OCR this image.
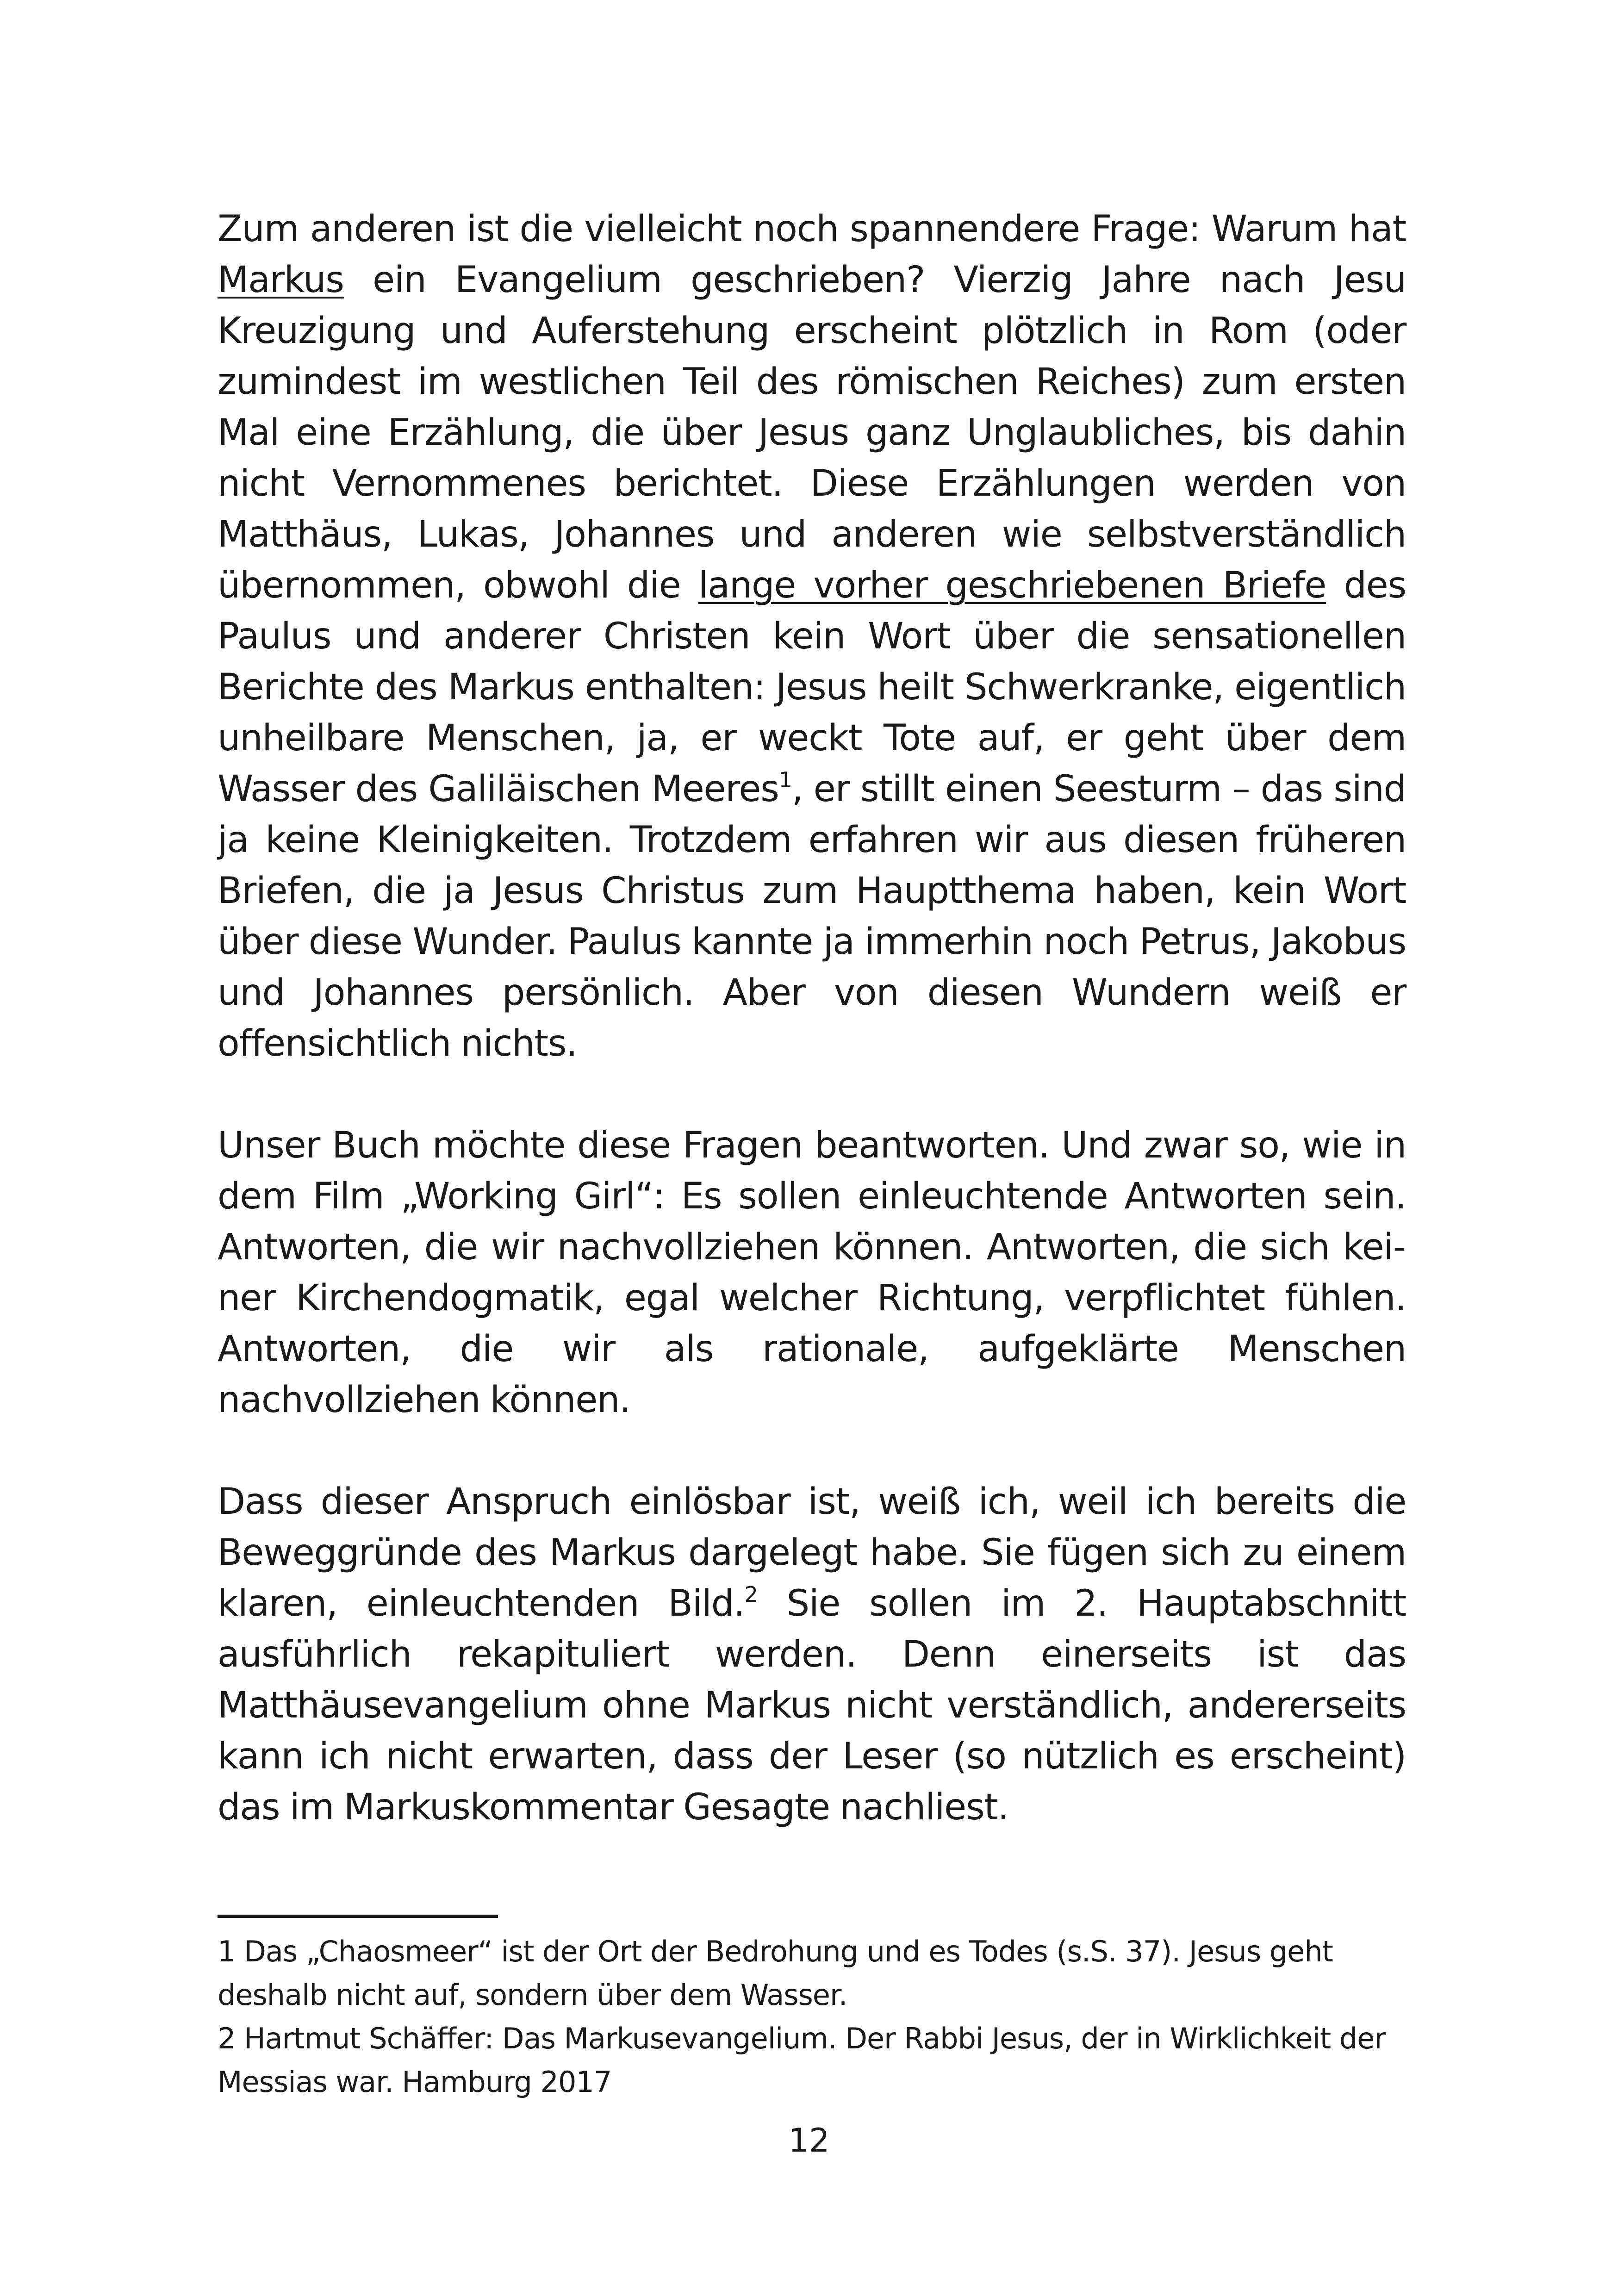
Zum anderen ist die vielleicht noch spannendere Frage: Warum hat Markus ein Evangelium geschrieben? Vierzig Jahre nach Jesu Kreuzigung und Auferstehung erscheint plötzlich in Rom (oder zumindest im westlichen Teil des römischen Reiches) zum ersten Mal eine Erzählung, die über Jesus ganz Unglaubliches, bis dahin nicht Vernommenes berichtet. Diese Erzählungen werden von Matthäus, Lukas, Johannes und anderen wie selbstverständlich übernommen, obwohl die lange vorher geschriebenen Briefe des Paulus und anderer Christen kein Wort über die sensationellen Berichte des Markus enthalten: Jesus heilt Schwerkranke, eigentlich unheilbare Menschen, ja, er weckt Tote auf, er geht über dem Wasser des Galiläischen Meeres$^1$, er stillt einen Seesturm – das sind ja keine Kleinigkeiten. Trotzdem erfahren wir aus diesen früheren Briefen, die ja Jesus Christus zum Hauptthema haben, kein Wort über diese Wunder. Paulus kannte ja immerhin noch Petrus, Jakobus und Johannes persönlich. Aber von diesen Wundern weiß er offensichtlich nichts.

Unser Buch möchte diese Fragen beantworten. Und zwar so, wie in dem Film „Working Girl“: Es sollen einleuchtende Antworten sein. Antworten, die wir nachvollziehen können. Antworten, die sich keiner Kirchendogmatik, egal welcher Richtung, verpflichtet fühlen. Antworten, die wir als rationale, aufgeklärte Menschen nachvollziehen können.

Dass dieser Anspruch einlösbar ist, weiß ich, weil ich bereits die Beweggründe des Markus dargelegt habe. Sie fügen sich zu einem klaren, einleuchtenden Bild.$^2$ Sie sollen im 2. Hauptabschnitt ausführlich rekapituliert werden. Denn einerseits ist das Matthäusevangelium ohne Markus nicht verständlich, andererseits kann ich nicht erwarten, dass der Leser (so nützlich es erscheint) das im Markuskommentar Gesagte nachliest.

1 Das „Chaosmeer“ ist der Ort der Bedrohung und es Todes (s.S. 37). Jesus geht deshalb nicht auf, sondern über dem Wasser.

2 Hartmut Schäffer: Das Markusevangelium. Der Rabbi Jesus, der in Wirklichkeit der Messias war. Hamburg 2017

12
